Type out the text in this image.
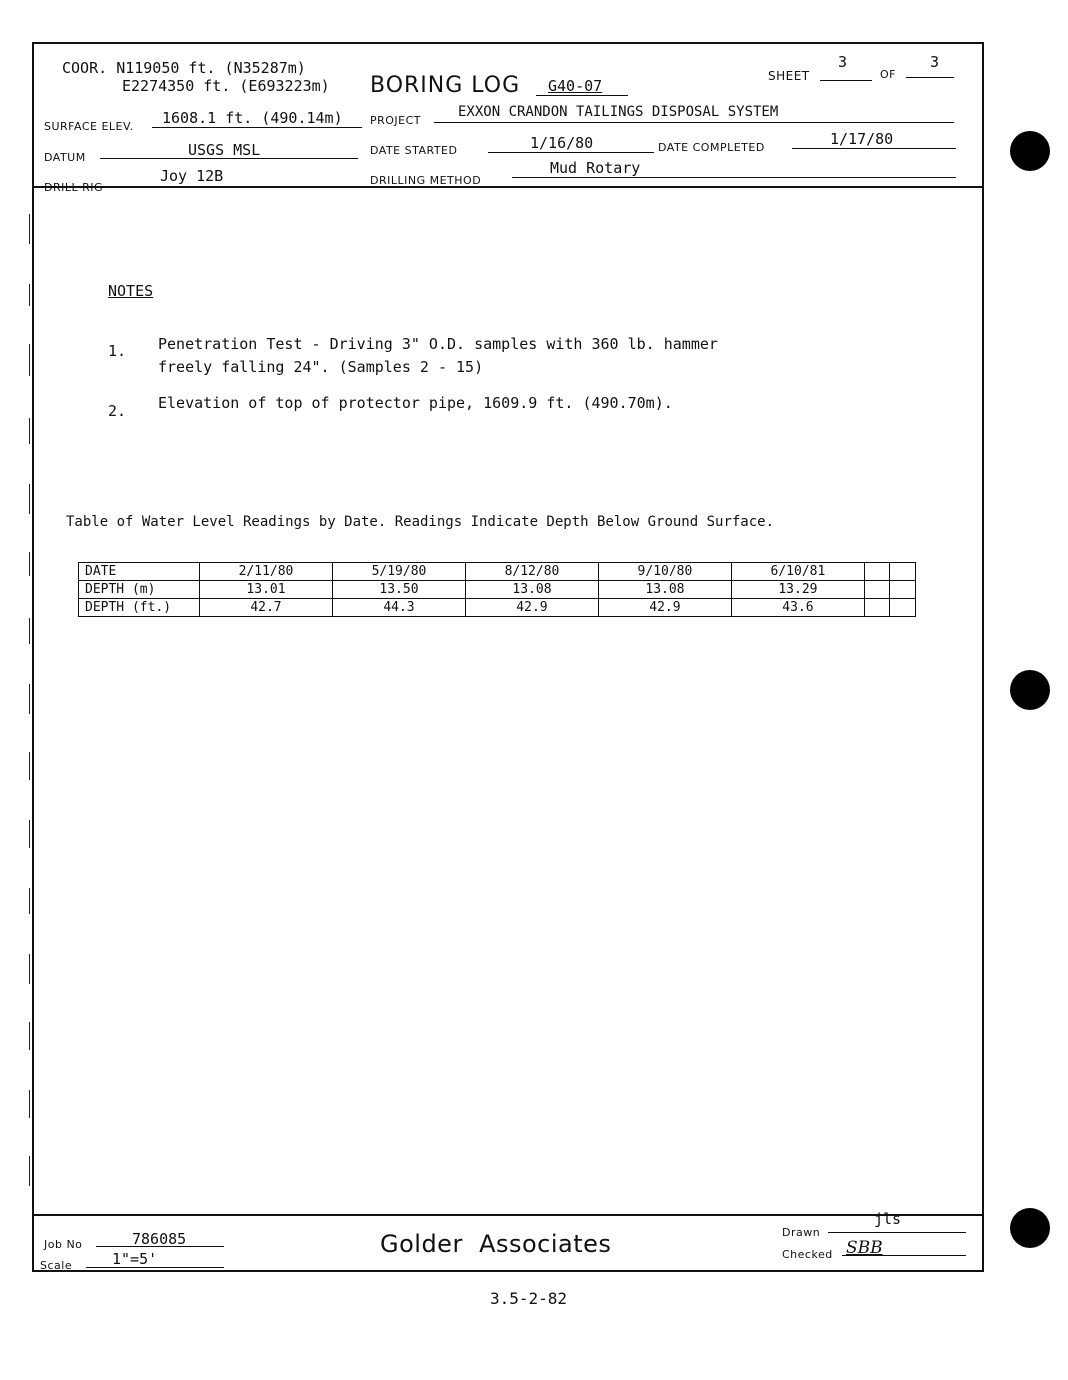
COOR. N119050 ft. (N35287m)
E2274350 ft. (E693223m) BORING LOG G40-07
SHEET
3
OF
3
SURFACE ELEV. 1608.1 ft. (490.14m) PROJECT
EXXON CRANDON TAILINGS DISPOSAL SYSTEM
DATUM	USGS MSL	DATE STARTED	1/16/80	DATE COMPLETED	1/17/80
DRILL RIG
Joy 12B	DRILLING METHOD
Mud Rotary
NOTES
1. Penetration Test - Driving 3" O.D. samples with 360 lb. hammer
freely falling 24". (Samples 2 - 15)
2. Elevation of top of protector pipe, 1609.9 ft. (490.70m).
Table of Water Level Readings by Date. Readings Indicate Depth Below Ground Surface.
DATE	2/11/80	5/19/80	8/12/80	9/10/80	6/10/81		
DEPTH (m)	13.01	13.50	13.08	13.08	13.29		
DEPTH (ft.)	42.7	44.3	42.9	42.9	43.6		
Job No	786085
Scale	1"=5'
Golder  Associates	Drawn
jls
Checked SBB
3.5-2-82
